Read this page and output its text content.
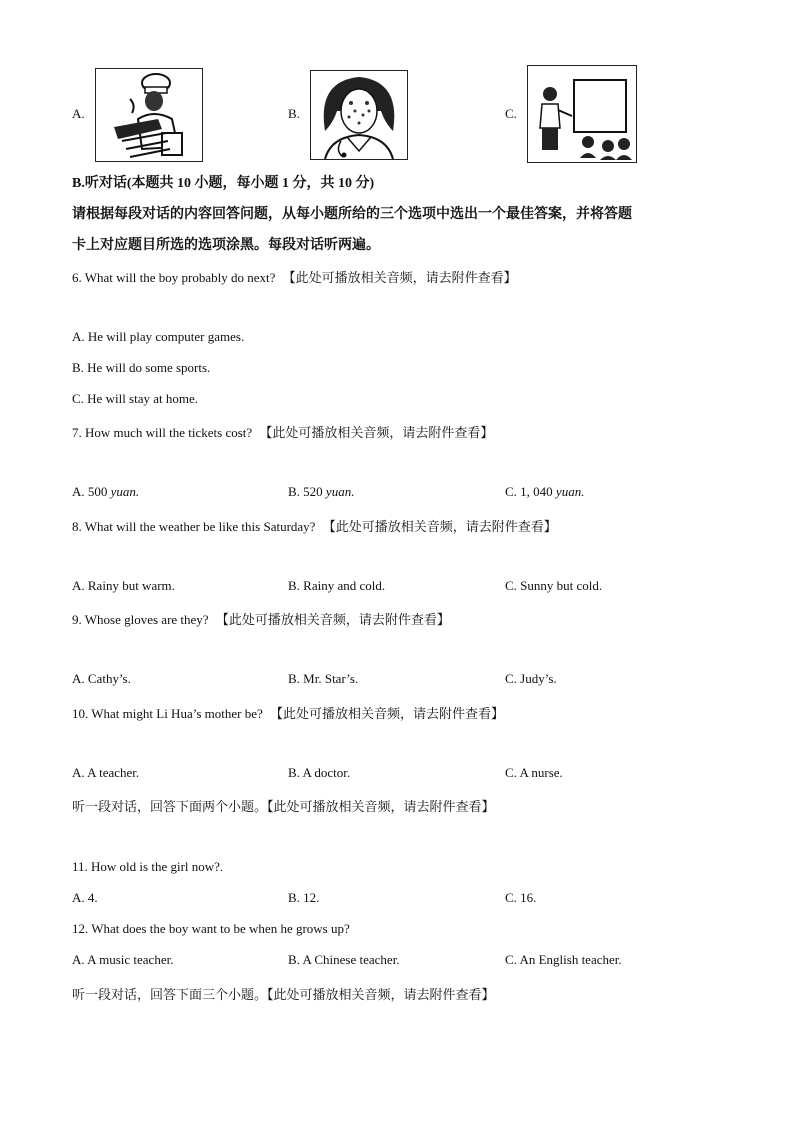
A.	B.	C.
B.听对话(本题共 10 小题，每小题 1 分，共 10 分)
请根据每段对话的内容回答问题，从每小题所给的三个选项中选出一个最佳答案，并将答题
卡上对应题目所选的选项涂黑。每段对话听两遍。
6. What will the boy probably do next? 【此处可播放相关音频，请去附件查看】
A. He will play computer games.
B. He will do some sports.
C. He will stay at home.
7. How much will the tickets cost? 【此处可播放相关音频，请去附件查看】
A. 500 yuan.	B. 520 yuan.	C. 1, 040 yuan.
8. What will the weather be like this Saturday? 【此处可播放相关音频，请去附件查看】
A. Rainy but warm.	B. Rainy and cold.	C. Sunny but cold.
9. Whose gloves are they? 【此处可播放相关音频，请去附件查看】
A. Cathy’s.	B. Mr. Star’s.	C. Judy’s.
10. What might Li Hua’s mother be? 【此处可播放相关音频，请去附件查看】
A. A teacher.	B. A doctor.	C. A nurse.
听一段对话，回答下面两个小题。【此处可播放相关音频，请去附件查看】
11. How old is the girl now?.
A. 4.	B. 12.	C. 16.
12. What does the boy want to be when he grows up?
A. A music teacher.	B. A Chinese teacher.	C. An English teacher.
听一段对话，回答下面三个小题。【此处可播放相关音频，请去附件查看】
